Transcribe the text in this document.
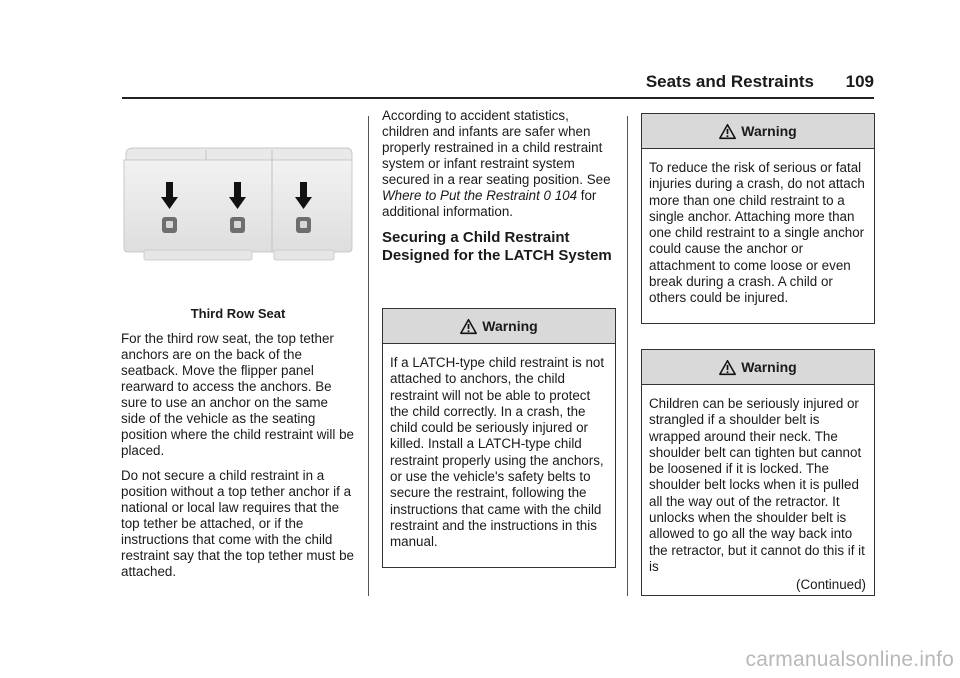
Seats and Restraints 109

Third Row Seat

For the third row seat, the top tether anchors are on the back of the seatback. Move the flipper panel rearward to access the anchors. Be sure to use an anchor on the same side of the vehicle as the seating position where the child restraint will be placed.

Do not secure a child restraint in a position without a top tether anchor if a national or local law requires that the top tether be attached, or if the instructions that come with the child restraint say that the top tether must be attached.

According to accident statistics, children and infants are safer when properly restrained in a child restraint system or infant restraint system secured in a rear seating position. See Where to Put the Restraint 0 104 for additional information.

Securing a Child Restraint Designed for the LATCH System
Warning
If a LATCH-type child restraint is not attached to anchors, the child restraint will not be able to protect the child correctly. In a crash, the child could be seriously injured or killed. Install a LATCH-type child restraint properly using the anchors, or use the vehicle's safety belts to secure the restraint, following the instructions that came with the child restraint and the instructions in this manual.
Warning
To reduce the risk of serious or fatal injuries during a crash, do not attach more than one child restraint to a single anchor. Attaching more than one child restraint to a single anchor could cause the anchor or attachment to come loose or even break during a crash. A child or others could be injured.
Warning
Children can be seriously injured or strangled if a shoulder belt is wrapped around their neck. The shoulder belt can tighten but cannot be loosened if it is locked. The shoulder belt locks when it is pulled all the way out of the retractor. It unlocks when the shoulder belt is allowed to go all the way back into the retractor, but it cannot do this if it is
(Continued)
carmanualsonline.info
